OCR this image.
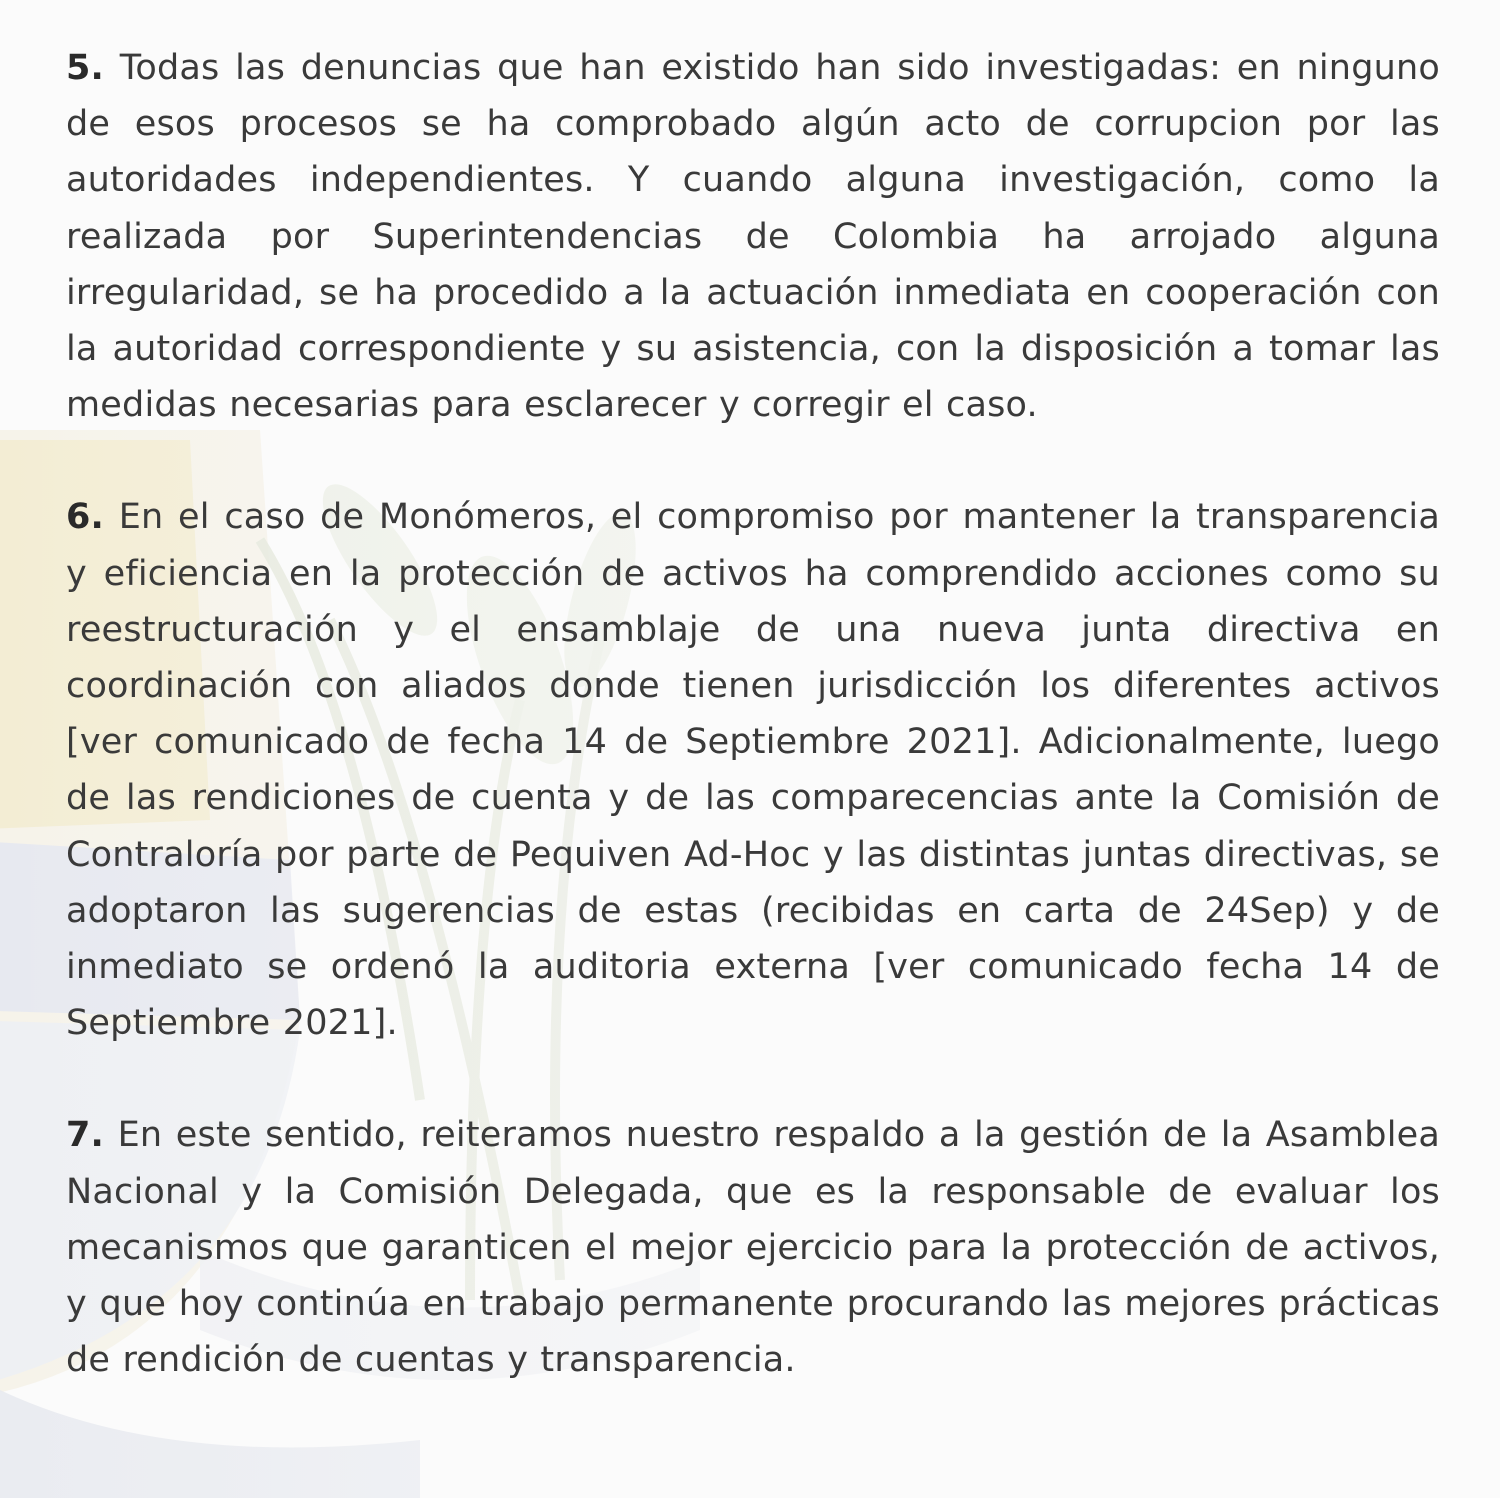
5. Todas las denuncias que han existido han sido investigadas: en ninguno de esos procesos se ha comprobado algún acto de corrupcion por las autoridades independientes. Y cuando alguna investigación, como la realizada por Superintendencias de Colombia ha arrojado alguna irregularidad, se ha procedido a la actuación inmediata en cooperación con la autoridad correspondiente y su asistencia, con la disposición a tomar las medidas necesarias para esclarecer y corregir el caso.

6. En el caso de Monómeros, el compromiso por mantener la transparencia y eficiencia en la protección de activos ha comprendido acciones como su reestructuración y el ensamblaje de una nueva junta directiva en coordinación con aliados donde tienen jurisdicción los diferentes activos [ver comunicado de fecha 14 de Septiembre 2021]. Adicionalmente, luego de las rendiciones de cuenta y de las comparecencias ante la Comisión de Contraloría por parte de Pequiven Ad-Hoc y las distintas juntas directivas, se adoptaron las sugerencias de estas (recibidas en carta de 24Sep) y de inmediato se ordenó la auditoria externa [ver comunicado fecha 14 de Septiembre 2021].

7. En este sentido, reiteramos nuestro respaldo a la gestión de la Asamblea Nacional y la Comisión Delegada, que es la responsable de evaluar los mecanismos que garanticen el mejor ejercicio para la protección de activos, y que hoy continúa en trabajo permanente procurando las mejores prácticas de rendición de cuentas y transparencia.
